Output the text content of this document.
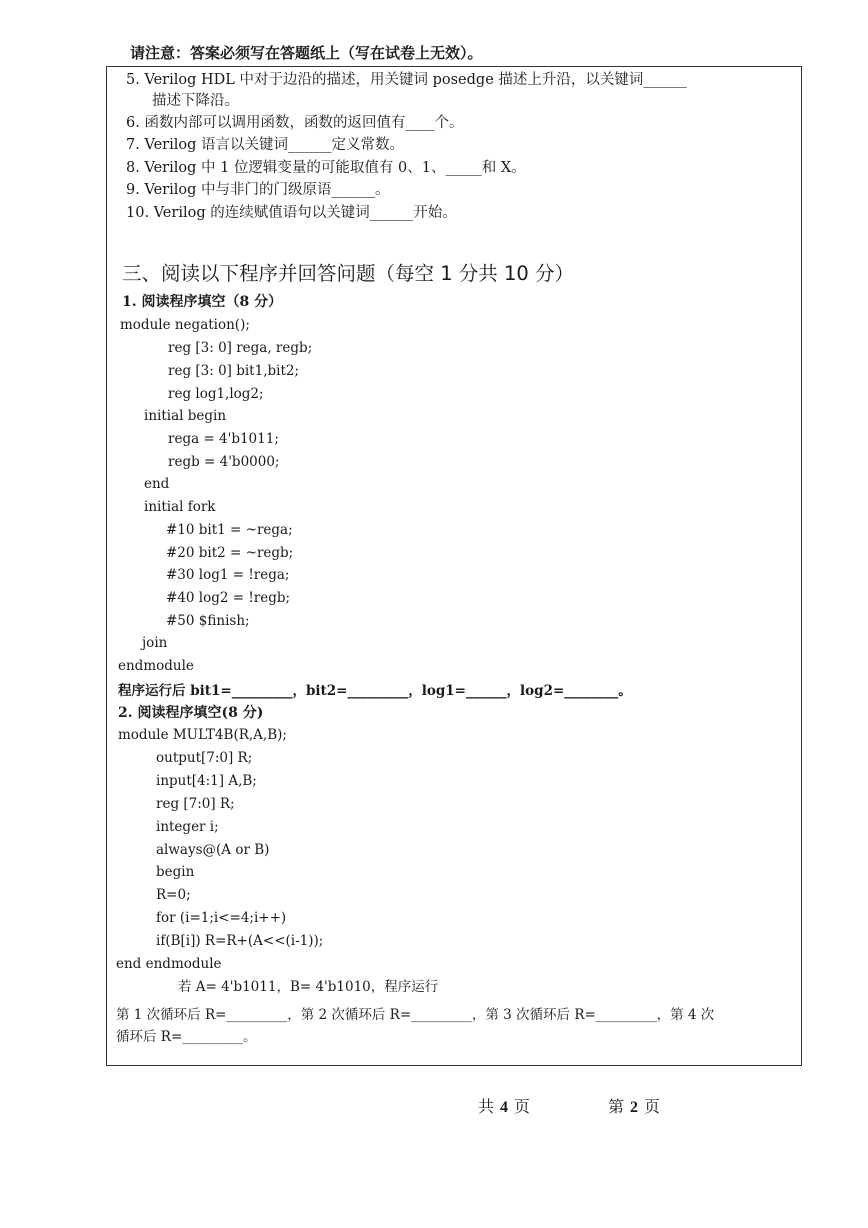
请注意：答案必须写在答题纸上（写在试卷上无效）。
5. Verilog HDL 中对于边沿的描述，用关键词 posedge 描述上升沿，以关键词______
描述下降沿。
6. 函数内部可以调用函数，函数的返回值有____个。
7. Verilog 语言以关键词______定义常数。
8. Verilog 中 1 位逻辑变量的可能取值有 0、1、_____和 X。
9. Verilog 中与非门的门级原语______。
10. Verilog 的连续赋值语句以关键词______开始。
三、阅读以下程序并回答问题（每空 1 分共 10 分）
1. 阅读程序填空（8 分）
module negation();
reg [3: 0] rega, regb;
reg [3: 0] bit1,bit2;
reg log1,log2;
initial begin
rega = 4'b1011;
regb = 4'b0000;
end
initial fork
#10 bit1 = ~rega;
#20 bit2 = ~regb;
#30 log1 = !rega;
#40 log2 = !regb;
#50 $finish;
join
endmodule
程序运行后 bit1=_________，bit2=_________，log1=______，log2=________。
2. 阅读程序填空(8 分)
module MULT4B(R,A,B);
output[7:0] R;
input[4:1] A,B;
reg [7:0] R;
integer i;
always@(A or B)
begin
R=0;
for (i=1;i<=4;i++)
if(B[i]) R=R+(A<<(i-1));
end endmodule
若 A= 4'b1011，B= 4'b1010，程序运行
第 1 次循环后 R=_________，第 2 次循环后 R=_________，第 3 次循环后 R=_________，第 4 次
循环后 R=_________。
共 4 页	第 2 页
